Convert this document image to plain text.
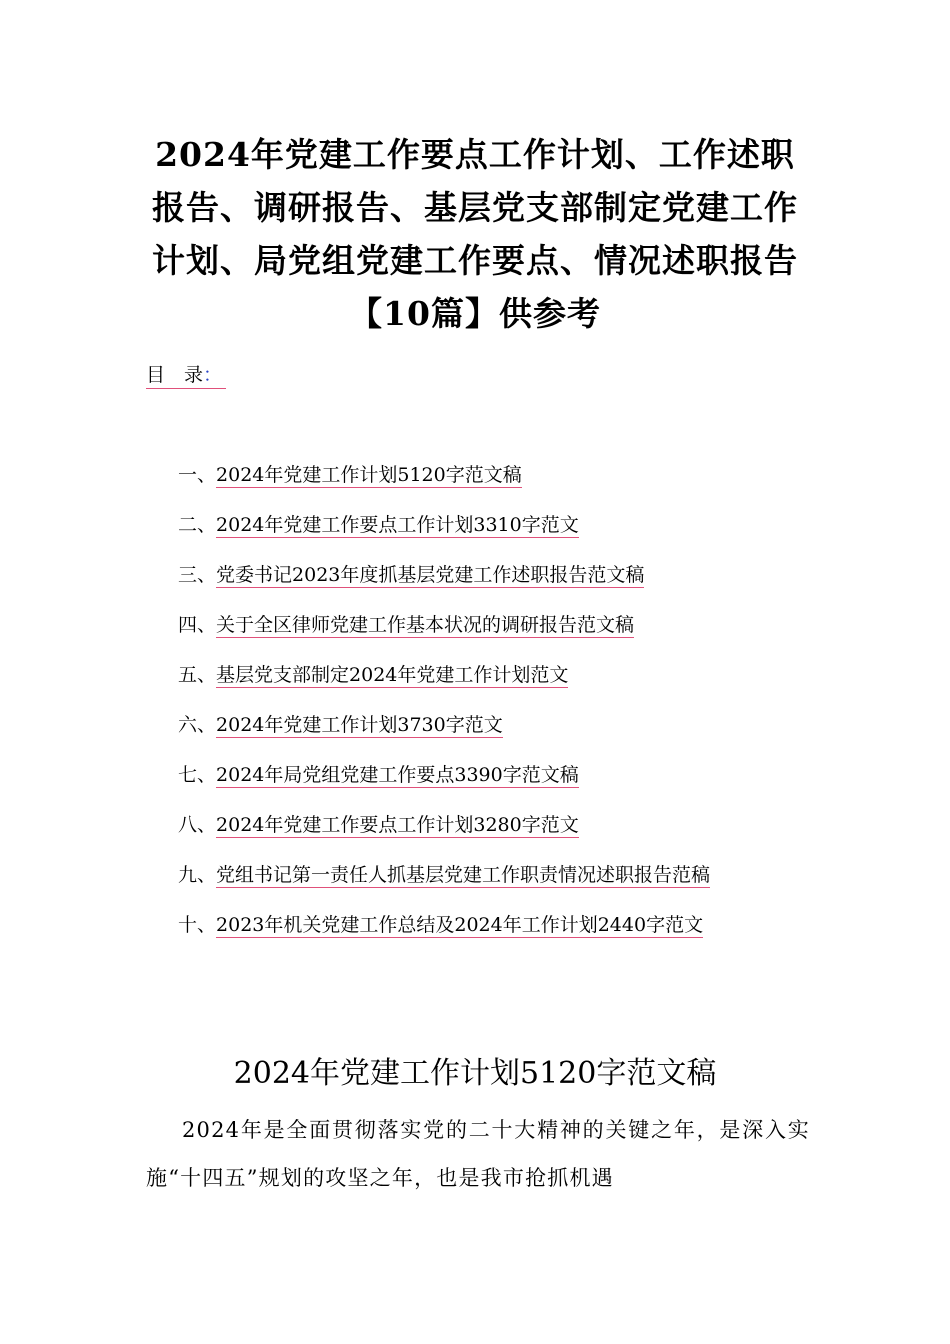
2024年党建工作要点工作计划、工作述职报告、调研报告、基层党支部制定党建工作计划、局党组党建工作要点、情况述职报告【10篇】供参考
目　录：
一、2024年党建工作计划5120字范文稿
二、2024年党建工作要点工作计划3310字范文
三、党委书记2023年度抓基层党建工作述职报告范文稿
四、关于全区律师党建工作基本状况的调研报告范文稿
五、基层党支部制定2024年党建工作计划范文
六、2024年党建工作计划3730字范文
七、2024年局党组党建工作要点3390字范文稿
八、2024年党建工作要点工作计划3280字范文
九、党组书记第一责任人抓基层党建工作职责情况述职报告范稿
十、2023年机关党建工作总结及2024年工作计划2440字范文
2024年党建工作计划5120字范文稿

2024年是全面贯彻落实党的二十大精神的关键之年，是深入实施“十四五”规划的攻坚之年，也是我市抢抓机遇
